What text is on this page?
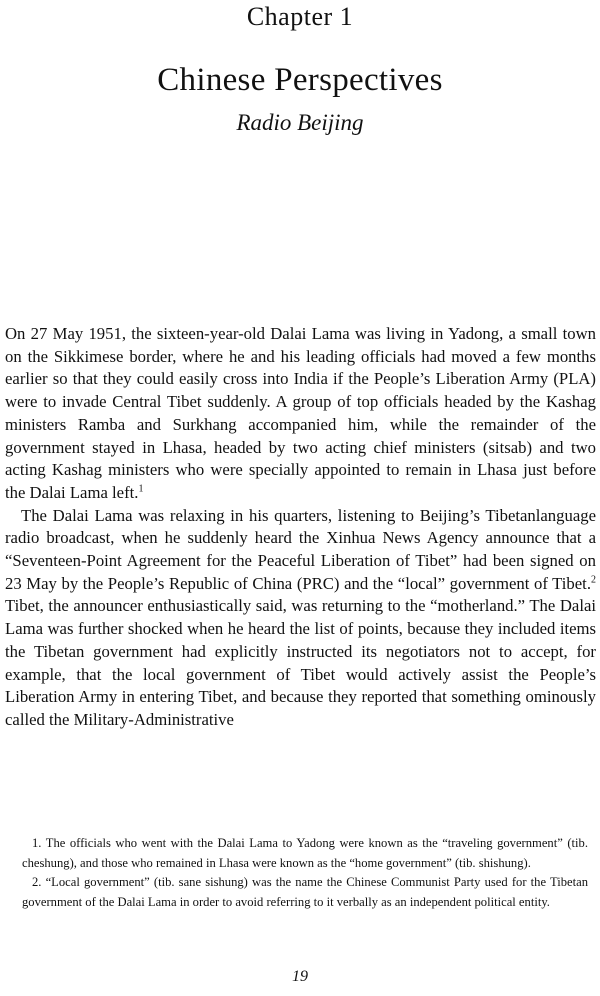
Chapter 1
Chinese Perspectives
Radio Beijing

On 27 May 1951, the sixteen-year-old Dalai Lama was living in Yadong, a small town on the Sikkimese border, where he and his leading officials had moved a few months earlier so that they could easily cross into India if the People’s Liberation Army (PLA) were to invade Central Tibet suddenly. A group of top officials headed by the Kashag ministers Ramba and Surkhang accompanied him, while the remainder of the government stayed in Lhasa, headed by two acting chief ministers (sitsab) and two acting Kashag ministers who were specially appointed to remain in Lhasa just before the Dalai Lama left.$^1$

The Dalai Lama was relaxing in his quarters, listening to Beijing’s Tibetanlanguage radio broadcast, when he suddenly heard the Xinhua News Agency announce that a “Seventeen-Point Agreement for the Peaceful Liberation of Tibet” had been signed on 23 May by the People’s Republic of China (PRC) and the “local” government of Tibet.$^2$ Tibet, the announcer enthusiastically said, was returning to the “motherland.” The Dalai Lama was further shocked when he heard the list of points, because they included items the Tibetan government had explicitly instructed its negotiators not to accept, for example, that the local government of Tibet would actively assist the People’s Liberation Army in entering Tibet, and because they reported that something ominously called the Military-Administrative

1. The officials who went with the Dalai Lama to Yadong were known as the “traveling government” (tib. cheshung), and those who remained in Lhasa were known as the “home government” (tib. shishung).

2. “Local government” (tib. sane sishung) was the name the Chinese Communist Party used for the Tibetan government of the Dalai Lama in order to avoid referring to it verbally as an independent political entity.

19
